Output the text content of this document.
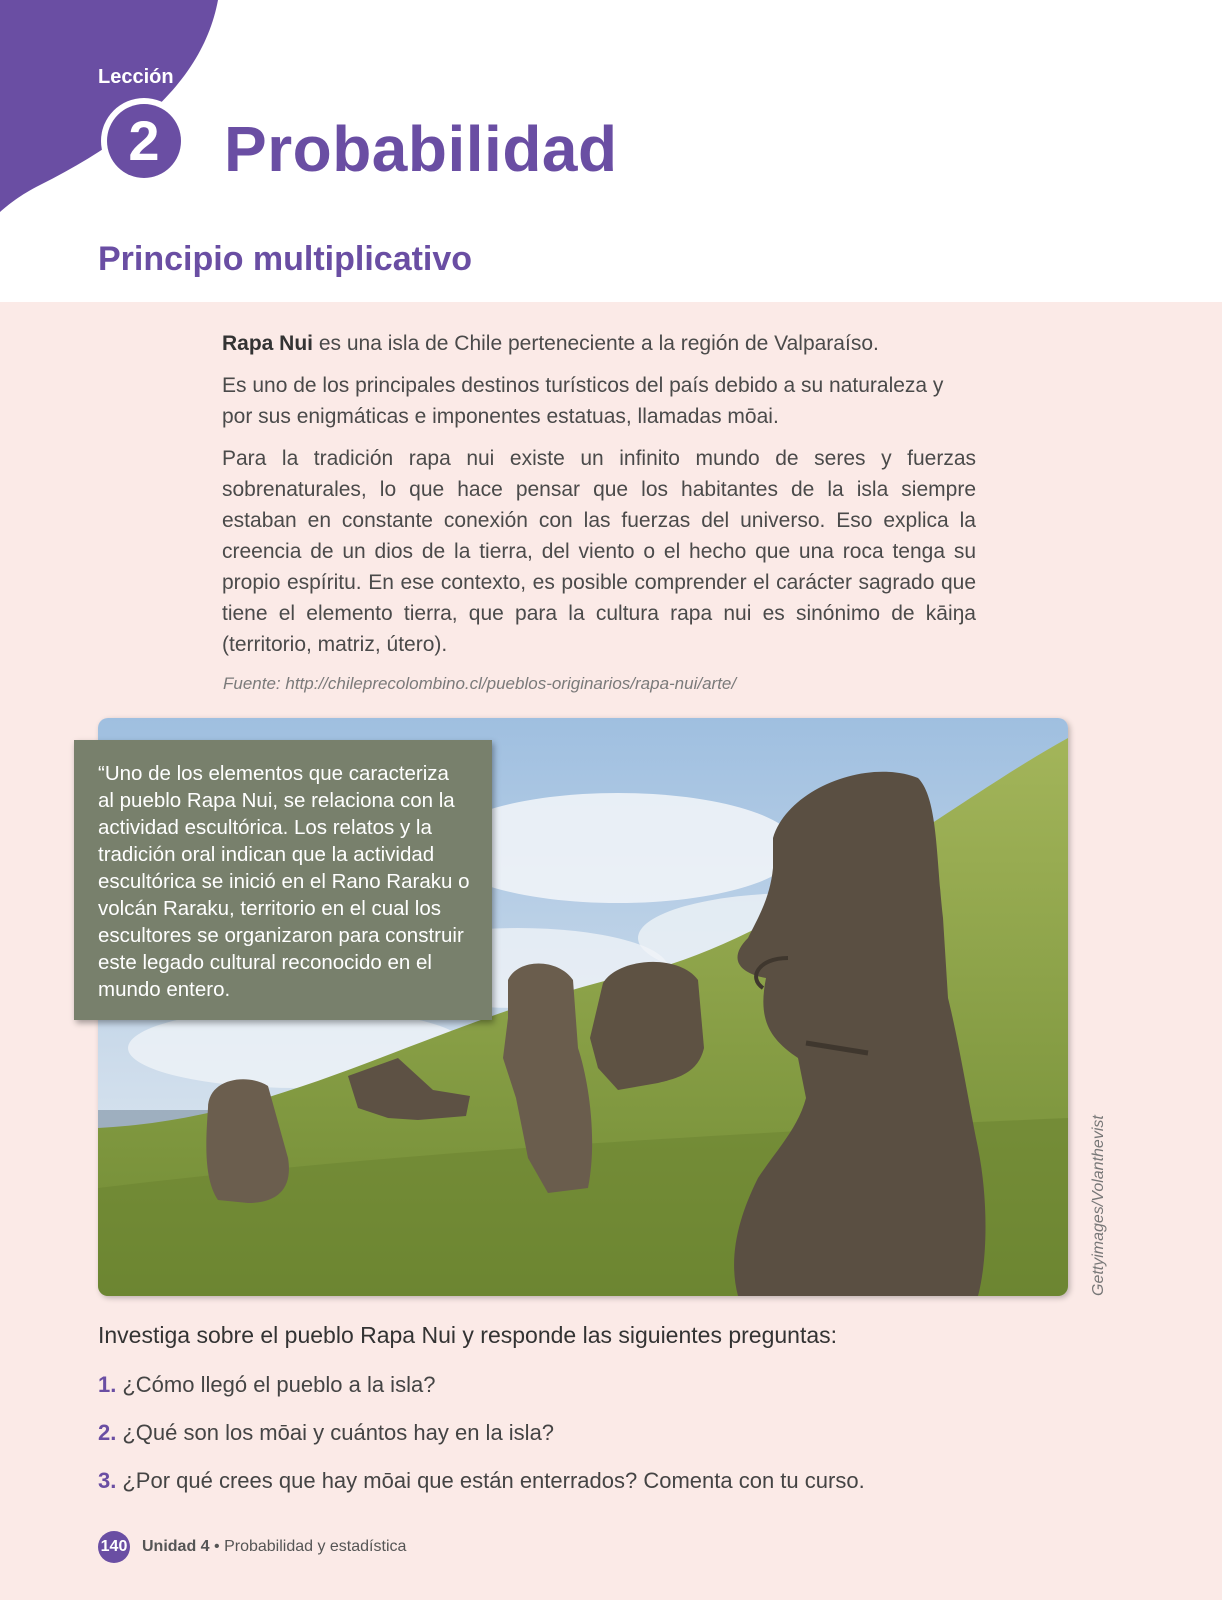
Lección
2	Probabilidad
Principio multiplicativo

Rapa Nui es una isla de Chile perteneciente a la región de Valparaíso.

Es uno de los principales destinos turísticos del país debido a su naturaleza y por sus enigmáticas e imponentes estatuas, llamadas mōai.

Para la tradición rapa nui existe un infinito mundo de seres y fuerzas sobrenaturales, lo que hace pensar que los habitantes de la isla siempre estaban en constante conexión con las fuerzas del universo. Eso explica la creencia de un dios de la tierra, del viento o el hecho que una roca tenga su propio espíritu. En ese contexto, es posible comprender el carácter sagrado que tiene el elemento tierra, que para la cultura rapa nui es sinónimo de kāiŋa (territorio, matriz, útero).

Fuente: http://chileprecolombino.cl/pueblos-originarios/rapa-nui/arte/
“Uno de los elementos que caracteriza al pueblo Rapa Nui, se relaciona con la actividad escultórica. Los relatos y la tradición oral indican que la actividad escultórica se inició en el Rano Raraku o volcán Raraku, territorio en el cual los escultores se organizaron para construir este legado cultural reconocido en el mundo entero.
Gettyimages/Volanthevist
Investiga sobre el pueblo Rapa Nui y responde las siguientes preguntas:
1. ¿Cómo llegó el pueblo a la isla?
2. ¿Qué son los mōai y cuántos hay en la isla?
3. ¿Por qué crees que hay mōai que están enterrados? Comenta con tu curso.
140 Unidad 4 • Probabilidad y estadística
